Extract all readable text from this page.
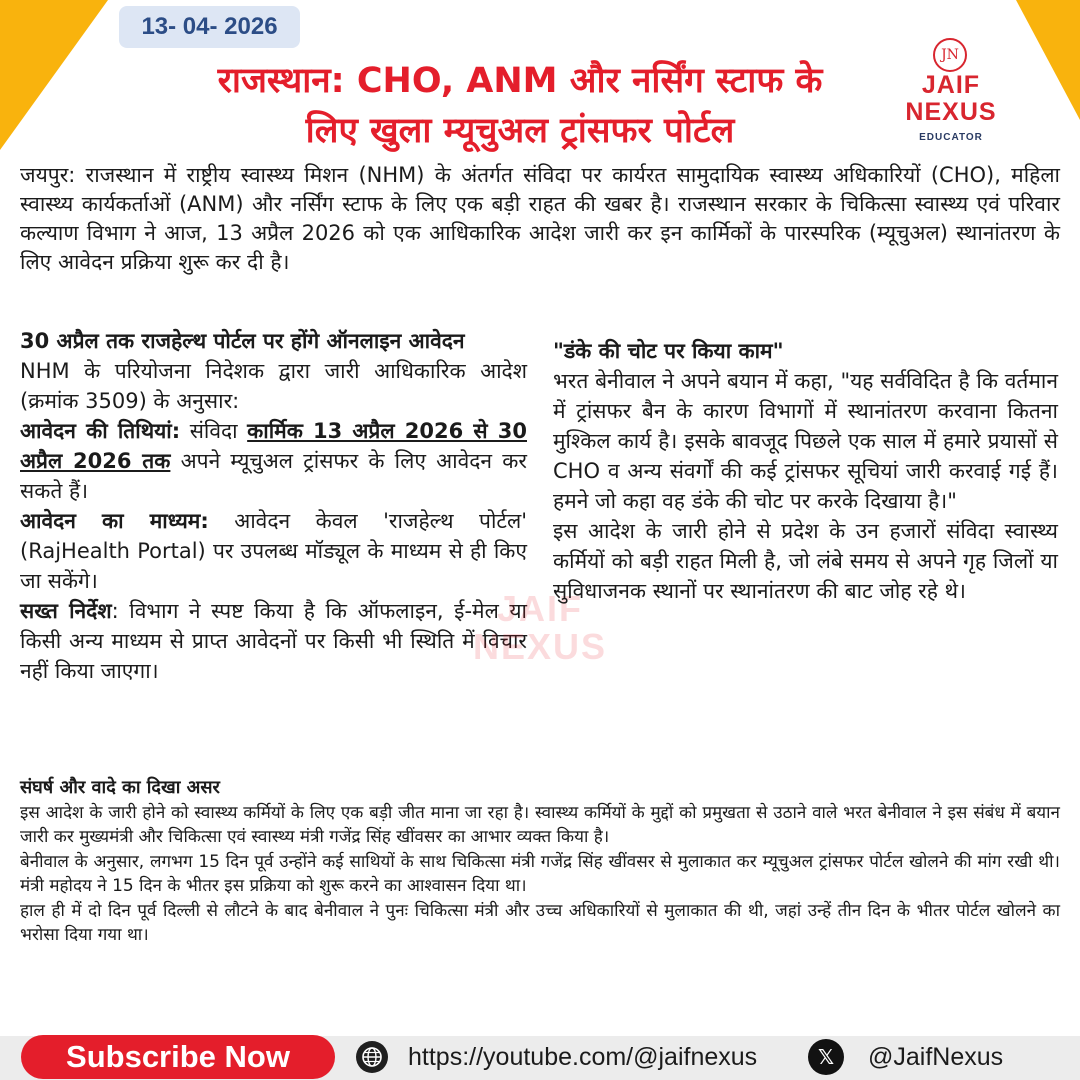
13- 04- 2026
राजस्थान: CHO, ANM और नर्सिंग स्टाफ के
लिए खुला म्यूचुअल ट्रांसफर पोर्टल
JN
JAIF
NEXUS
EDUCATOR

जयपुर: राजस्थान में राष्ट्रीय स्वास्थ्य मिशन (NHM) के अंतर्गत संविदा पर कार्यरत सामुदायिक स्वास्थ्य अधिकारियों (CHO), महिला स्वास्थ्य कार्यकर्ताओं (ANM) और नर्सिंग स्टाफ के लिए एक बड़ी राहत की खबर है। राजस्थान सरकार के चिकित्सा स्वास्थ्य एवं परिवार कल्याण विभाग ने आज, 13 अप्रैल 2026 को एक आधिकारिक आदेश जारी कर इन कार्मिकों के पारस्परिक (म्यूचुअल) स्थानांतरण के लिए आवेदन प्रक्रिया शुरू कर दी है।

30 अप्रैल तक राजहेल्थ पोर्टल पर होंगे ऑनलाइन आवेदन

NHM के परियोजना निदेशक द्वारा जारी आधिकारिक आदेश (क्रमांक 3509) के अनुसार:

आवेदन की तिथियां: संविदा कार्मिक 13 अप्रैल 2026 से 30 अप्रैल 2026 तक अपने म्यूचुअल ट्रांसफर के लिए आवेदन कर सकते हैं।

आवेदन का माध्यम: आवेदन केवल 'राजहेल्थ पोर्टल' (RajHealth Portal) पर उपलब्ध मॉड्यूल के माध्यम से ही किए जा सकेंगे।

सख्त निर्देश: विभाग ने स्पष्ट किया है कि ऑफलाइन, ई-मेल या किसी अन्य माध्यम से प्राप्त आवेदनों पर किसी भी स्थिति में विचार नहीं किया जाएगा।

JAIF
NEXUS
"डंके की चोट पर किया काम"

भरत बेनीवाल ने अपने बयान में कहा, "यह सर्वविदित है कि वर्तमान में ट्रांसफर बैन के कारण विभागों में स्थानांतरण करवाना कितना मुश्किल कार्य है। इसके बावजूद पिछले एक साल में हमारे प्रयासों से CHO व अन्य संवर्गों की कई ट्रांसफर सूचियां जारी करवाई गई हैं। हमने जो कहा वह डंके की चोट पर करके दिखाया है।"

इस आदेश के जारी होने से प्रदेश के उन हजारों संविदा स्वास्थ्य कर्मियों को बड़ी राहत मिली है, जो लंबे समय से अपने गृह जिलों या सुविधाजनक स्थानों पर स्थानांतरण की बाट जोह रहे थे।

संघर्ष और वादे का दिखा असर

इस आदेश के जारी होने को स्वास्थ्य कर्मियों के लिए एक बड़ी जीत माना जा रहा है। स्वास्थ्य कर्मियों के मुद्दों को प्रमुखता से उठाने वाले भरत बेनीवाल ने इस संबंध में बयान जारी कर मुख्यमंत्री और चिकित्सा एवं स्वास्थ्य मंत्री गजेंद्र सिंह खींवसर का आभार व्यक्त किया है।

बेनीवाल के अनुसार, लगभग 15 दिन पूर्व उन्होंने कई साथियों के साथ चिकित्सा मंत्री गजेंद्र सिंह खींवसर से मुलाकात कर म्यूचुअल ट्रांसफर पोर्टल खोलने की मांग रखी थी। मंत्री महोदय ने 15 दिन के भीतर इस प्रक्रिया को शुरू करने का आश्वासन दिया था।

हाल ही में दो दिन पूर्व दिल्ली से लौटने के बाद बेनीवाल ने पुनः चिकित्सा मंत्री और उच्च अधिकारियों से मुलाकात की थी, जहां उन्हें तीन दिन के भीतर पोर्टल खोलने का भरोसा दिया गया था।

Subscribe Now	https://youtube.com/@jaifnexus	𝕏	@JaifNexus
